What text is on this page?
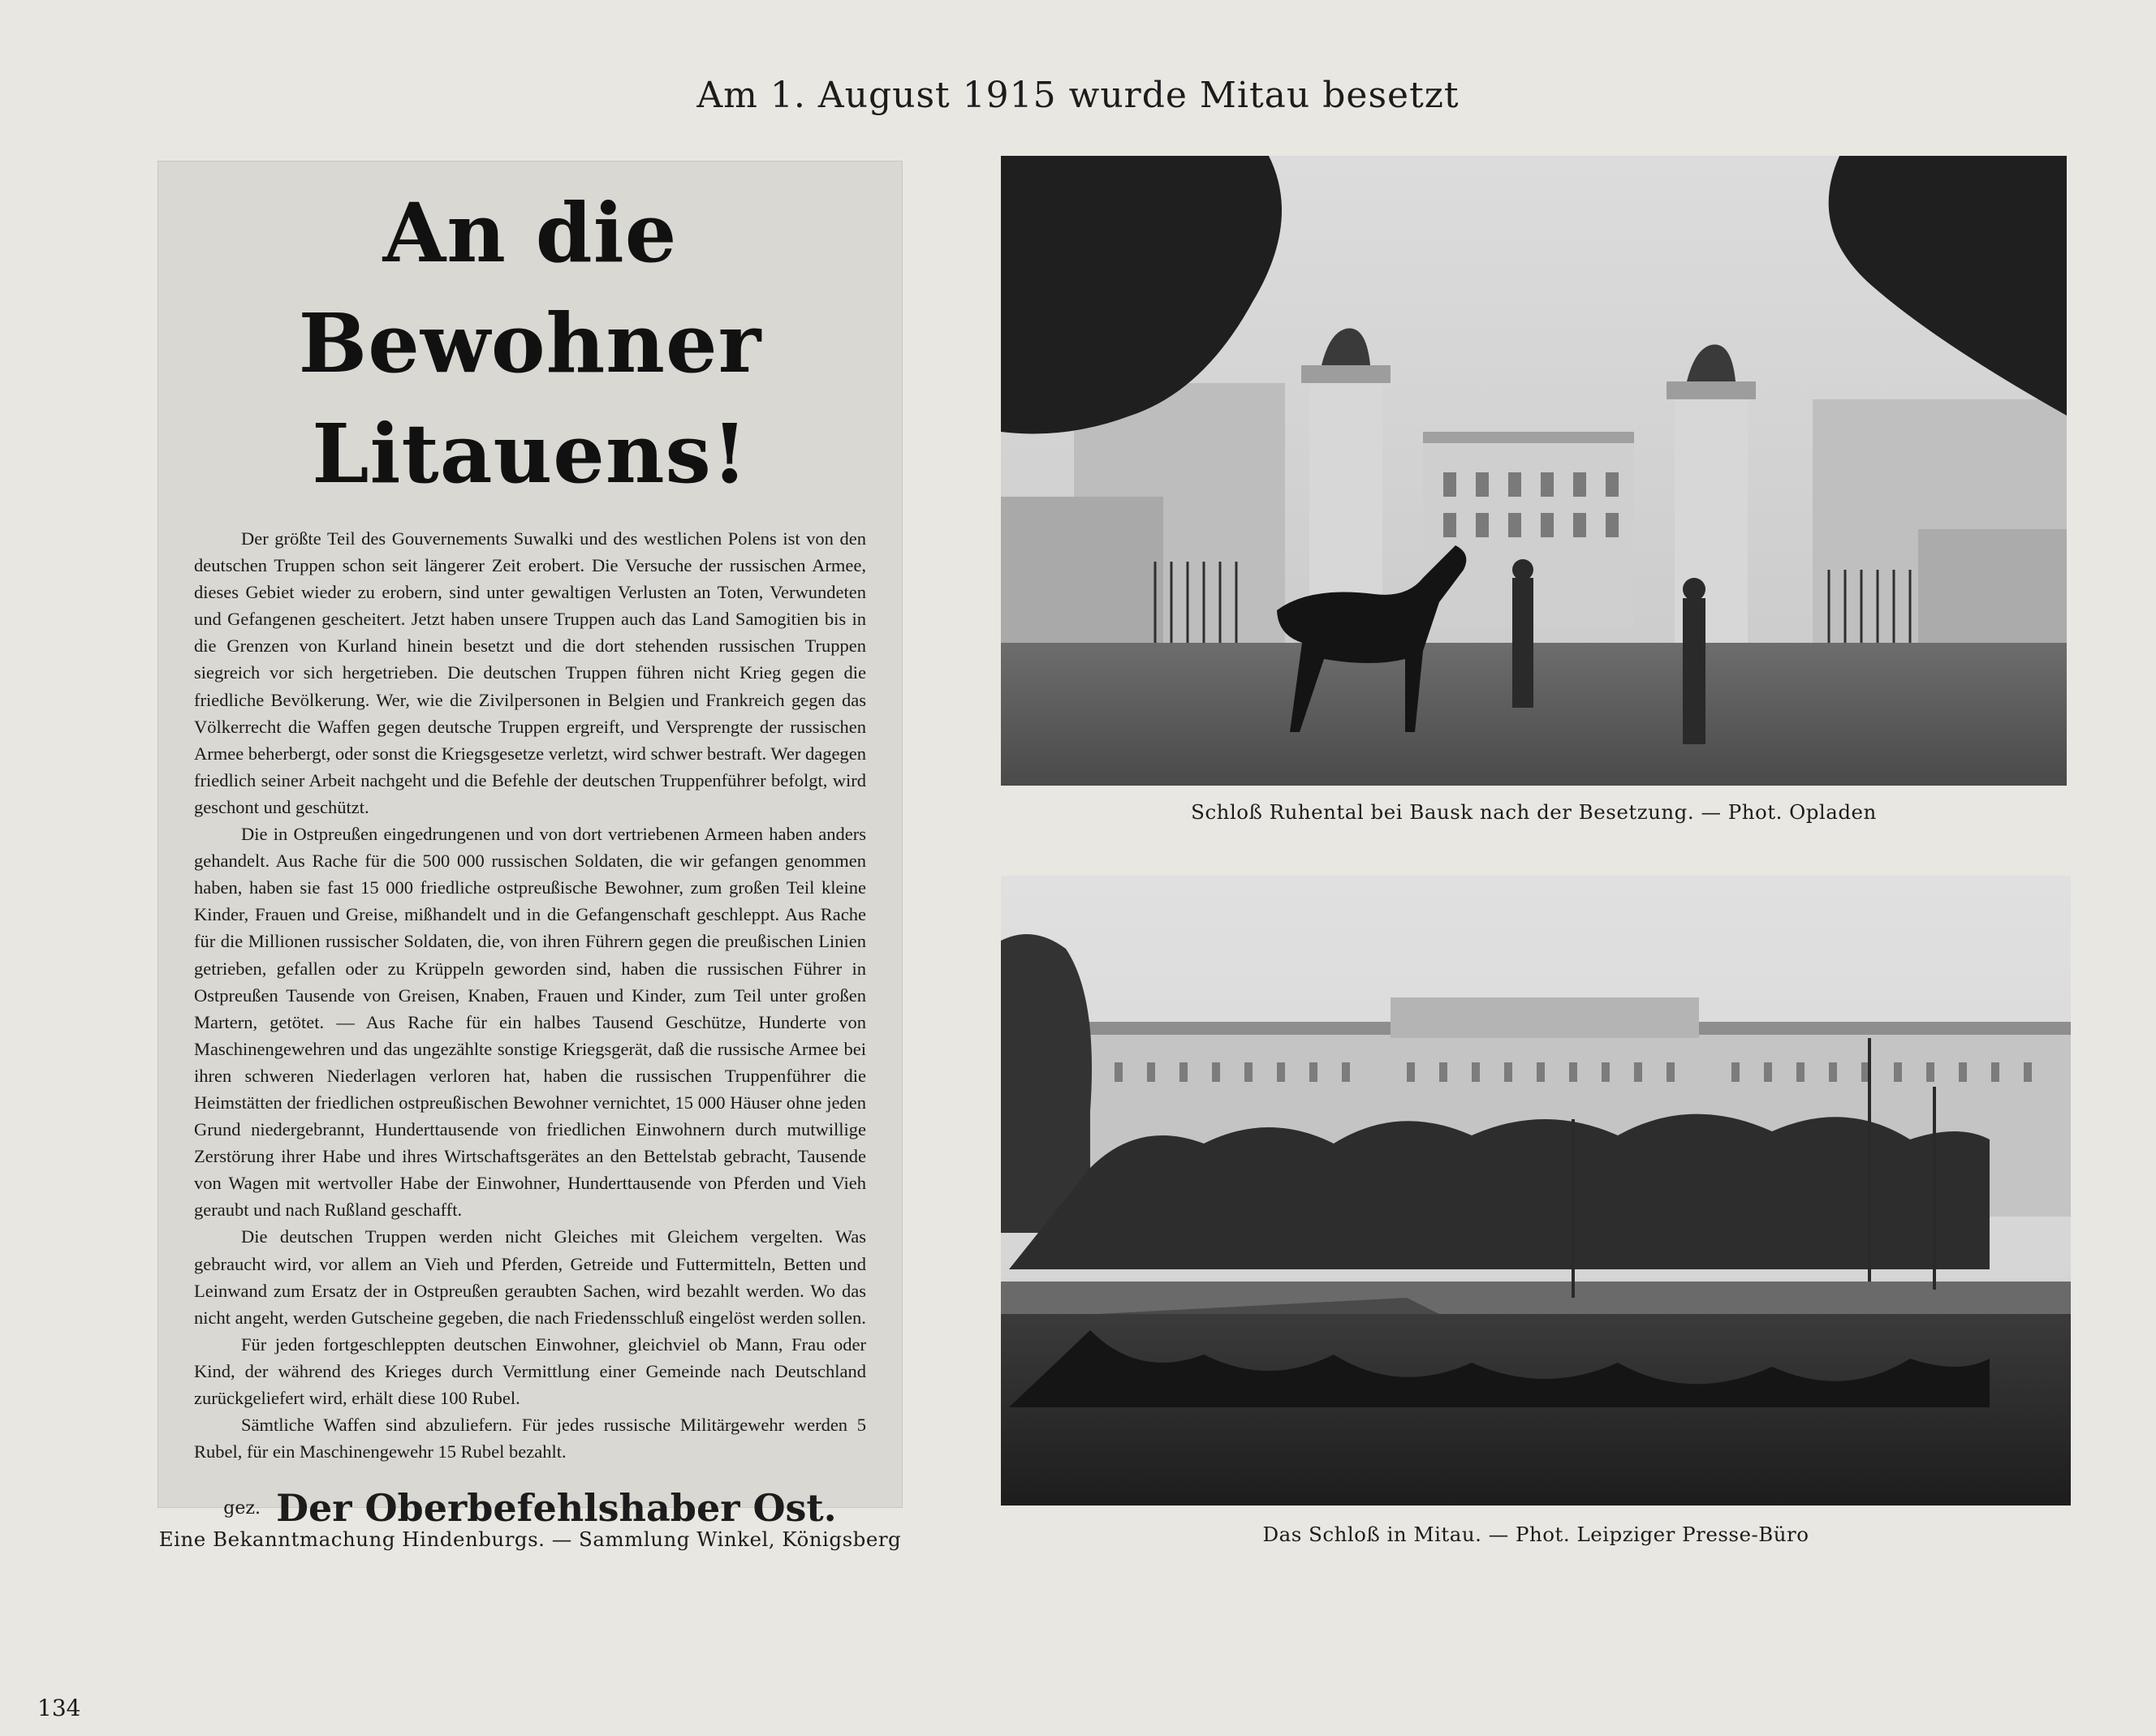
Am 1. August 1915 wurde Mitau besetzt
An die Bewohner
Litauens!

Der größte Teil des Gouvernements Suwalki und des westlichen Polens ist von den deutschen Truppen schon seit längerer Zeit erobert. Die Versuche der russischen Armee, dieses Gebiet wieder zu erobern, sind unter gewaltigen Verlusten an Toten, Verwundeten und Gefangenen gescheitert. Jetzt haben unsere Truppen auch das Land Samogitien bis in die Grenzen von Kurland hinein besetzt und die dort stehenden russischen Truppen siegreich vor sich hergetrieben. Die deutschen Truppen führen nicht Krieg gegen die friedliche Bevölkerung. Wer, wie die Zivilpersonen in Belgien und Frankreich gegen das Völkerrecht die Waffen gegen deutsche Truppen ergreift, und Versprengte der russischen Armee beherbergt, oder sonst die Kriegsgesetze verletzt, wird schwer bestraft. Wer dagegen friedlich seiner Arbeit nachgeht und die Befehle der deutschen Truppenführer befolgt, wird geschont und geschützt.

Die in Ostpreußen eingedrungenen und von dort vertriebenen Armeen haben anders gehandelt. Aus Rache für die 500 000 russischen Soldaten, die wir gefangen genommen haben, haben sie fast 15 000 friedliche ostpreußische Bewohner, zum großen Teil kleine Kinder, Frauen und Greise, mißhandelt und in die Gefangenschaft geschleppt. Aus Rache für die Millionen russischer Soldaten, die, von ihren Führern gegen die preußischen Linien getrieben, gefallen oder zu Krüppeln geworden sind, haben die russischen Führer in Ostpreußen Tausende von Greisen, Knaben, Frauen und Kinder, zum Teil unter großen Martern, getötet. — Aus Rache für ein halbes Tausend Geschütze, Hunderte von Maschinengewehren und das ungezählte sonstige Kriegsgerät, daß die russische Armee bei ihren schweren Niederlagen verloren hat, haben die russischen Truppenführer die Heimstätten der friedlichen ostpreußischen Bewohner vernichtet, 15 000 Häuser ohne jeden Grund niedergebrannt, Hunderttausende von friedlichen Einwohnern durch mutwillige Zerstörung ihrer Habe und ihres Wirtschaftsgerätes an den Bettelstab gebracht, Tausende von Wagen mit wertvoller Habe der Einwohner, Hunderttausende von Pferden und Vieh geraubt und nach Rußland geschafft.

Die deutschen Truppen werden nicht Gleiches mit Gleichem vergelten. Was gebraucht wird, vor allem an Vieh und Pferden, Getreide und Futtermitteln, Betten und Leinwand zum Ersatz der in Ostpreußen geraubten Sachen, wird bezahlt werden. Wo das nicht angeht, werden Gutscheine gegeben, die nach Friedensschluß eingelöst werden sollen.

Für jeden fortgeschleppten deutschen Einwohner, gleichviel ob Mann, Frau oder Kind, der während des Krieges durch Vermittlung einer Gemeinde nach Deutschland zurückgeliefert wird, erhält diese 100 Rubel.

Sämtliche Waffen sind abzuliefern. Für jedes russische Militärgewehr werden 5 Rubel, für ein Maschinengewehr 15 Rubel bezahlt.

gez. Der Oberbefehlshaber Ost.
Eine Bekanntmachung Hindenburgs. — Sammlung Winkel, Königsberg
Schloß Ruhental bei Bausk nach der Besetzung. — Phot. Opladen
Das Schloß in Mitau. — Phot. Leipziger Presse-Büro
134
